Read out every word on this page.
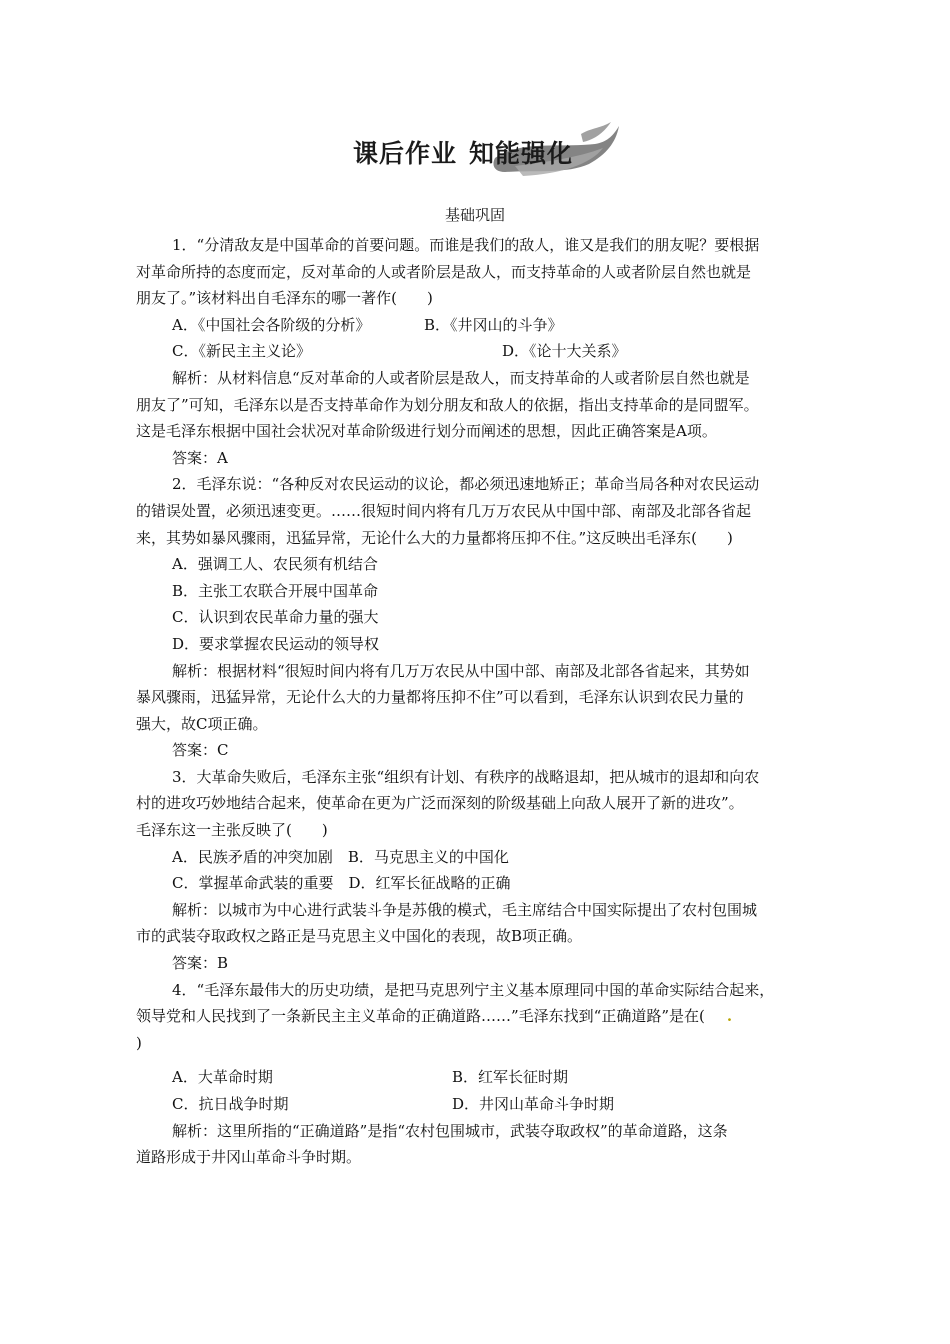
课后作业 知能强化
基础巩固
1．“分清敌友是中国革命的首要问题。而谁是我们的敌人，谁又是我们的朋友呢？要根据
对革命所持的态度而定，反对革命的人或者阶层是敌人，而支持革命的人或者阶层自然也就是
朋友了。”该材料出自毛泽东的哪一著作(　　)
A．《中国社会各阶级的分析》	B．《井冈山的斗争》
C．《新民主主义论》	D．《论十大关系》
解析：从材料信息“反对革命的人或者阶层是敌人，而支持革命的人或者阶层自然也就是
朋友了”可知，毛泽东以是否支持革命作为划分朋友和敌人的依据，指出支持革命的是同盟军。
这是毛泽东根据中国社会状况对革命阶级进行划分而阐述的思想，因此正确答案是A项。
答案：A
2．毛泽东说：“各种反对农民运动的议论，都必须迅速地矫正；革命当局各种对农民运动
的错误处置，必须迅速变更。……很短时间内将有几万万农民从中国中部、南部及北部各省起
来，其势如暴风骤雨，迅猛异常，无论什么大的力量都将压抑不住。”这反映出毛泽东(　　)
A．强调工人、农民须有机结合
B．主张工农联合开展中国革命
C．认识到农民革命力量的强大
D．要求掌握农民运动的领导权
解析：根据材料“很短时间内将有几万万农民从中国中部、南部及北部各省起来，其势如
暴风骤雨，迅猛异常，无论什么大的力量都将压抑不住”可以看到，毛泽东认识到农民力量的
强大，故C项正确。
答案：C
3．大革命失败后，毛泽东主张“组织有计划、有秩序的战略退却，把从城市的退却和向农
村的进攻巧妙地结合起来，使革命在更为广泛而深刻的阶级基础上向敌人展开了新的进攻”。
毛泽东这一主张反映了(　　)
A．民族矛盾的冲突加剧　B．马克思主义的中国化
C．掌握革命武装的重要　D．红军长征战略的正确
解析：以城市为中心进行武装斗争是苏俄的模式，毛主席结合中国实际提出了农村包围城
市的武装夺取政权之路正是马克思主义中国化的表现，故B项正确。
答案：B
4．“毛泽东最伟大的历史功绩，是把马克思列宁主义基本原理同中国的革命实际结合起来，
领导党和人民找到了一条新民主主义革命的正确道路……”毛泽东找到“正确道路”是在( .
)
A．大革命时期	B．红军长征时期
C．抗日战争时期	D．井冈山革命斗争时期
解析：这里所指的“正确道路”是指“农村包围城市，武装夺取政权”的革命道路，这条
道路形成于井冈山革命斗争时期。
